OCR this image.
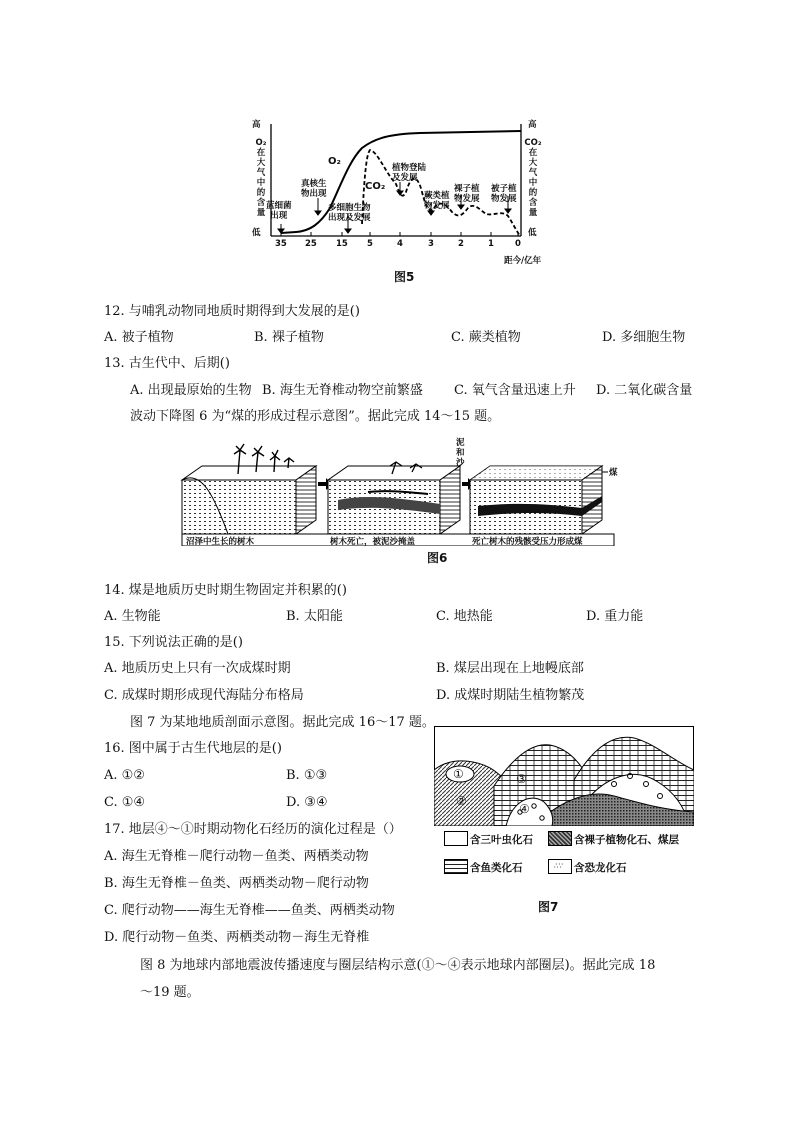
高
O₂
在
大
气
中
的
含
量
低
高
CO₂
在
大
气
中
的
含
量
低
35 25 15 5	4	3	2	1 0
距今/亿年
O₂
CO₂
蓝细菌
出现
真核生
物出现
多细胞生物
出现及发展
植物登陆
及发展
蕨类植
物发展
裸子植
物发展
被子植
物发展
图5
12. 与哺乳动物同地质时期得到大发展的是()
A. 被子植物	B. 裸子植物	C. 蕨类植物	D. 多细胞生物
13. 古生代中、后期()
A. 出现最原始的生物 B. 海生无脊椎动物空前繁盛 C. 氧气含量迅速上升 D. 二氧化碳含量
波动下降图 6 为“煤的形成过程示意图”。据此完成 14～15 题。
沼泽中生长的树木	树木死亡，被泥沙掩盖	死亡树木的残骸受压力形成煤
泥
和
沙
煤
图6
14. 煤是地质历史时期生物固定并积累的()
A. 生物能	B. 太阳能	C. 地热能	D. 重力能
15. 下列说法正确的是()
A. 地质历史上只有一次成煤时期	B. 煤层出现在上地幔底部
C. 成煤时期形成现代海陆分布格局	D. 成煤时期陆生植物繁茂
图 7 为某地地质剖面示意图。据此完成 16～17 题。
16. 图中属于古生代地层的是()
A. ①②	B. ①③
C. ①④	D. ③④
17. 地层④～①时期动物化石经历的演化过程是（）
A. 海生无脊椎－爬行动物－鱼类、两栖类动物
B. 海生无脊椎－鱼类、两栖类动物－爬行动物
C. 爬行动物——海生无脊椎——鱼类、两栖类动物
D. 爬行动物－鱼类、两栖类动物－海生无脊椎
①
②
③
④
含三叶虫化石	含裸子植物化石、煤层
含鱼类化石	∴∵ 含恐龙化石
图7
图 8 为地球内部地震波传播速度与圈层结构示意(①～④表示地球内部圈层)。据此完成 18
～19 题。
